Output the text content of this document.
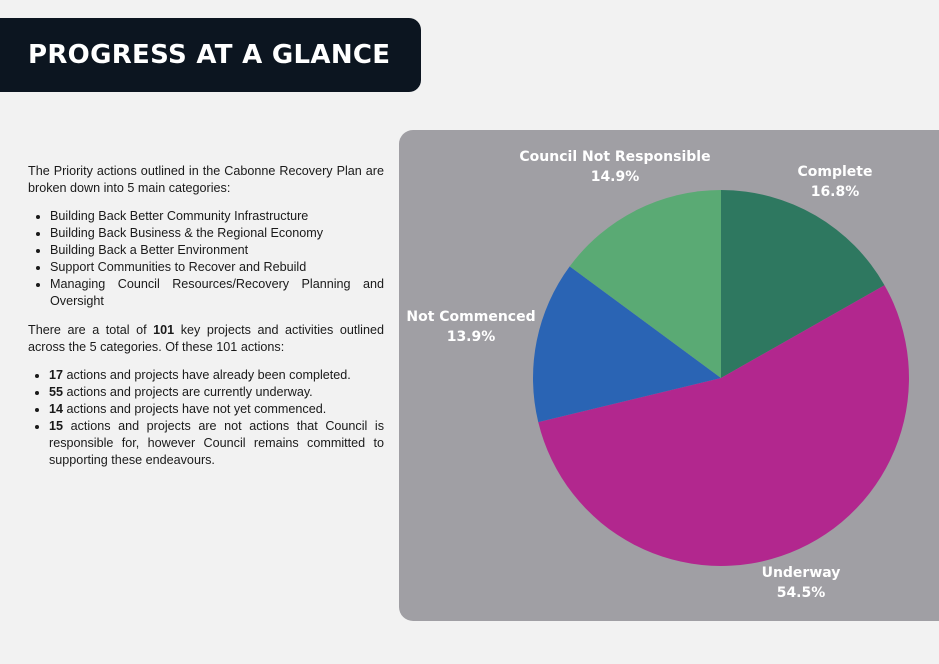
PROGRESS AT A GLANCE

The Priority actions outlined in the Cabonne Recovery Plan are broken down into 5 main categories:

• Building Back Better Community Infrastructure
• Building Back Business & the Regional Economy
• Building Back a Better Environment
• Support Communities to Recover and Rebuild
• Managing Council Resources/Recovery Planning and Oversight

There are a total of 101 key projects and activities outlined across the 5 categories. Of these 101 actions:

• 17 actions and projects have already been completed.
• 55 actions and projects are currently underway.
• 14 actions and projects have not yet commenced.
• 15 actions and projects are not actions that Council is responsible for, however Council remains committed to supporting these endeavours.
Complete
16.8%
Underway
54.5%
Not Commenced
13.9%
Council Not Responsible
14.9%
